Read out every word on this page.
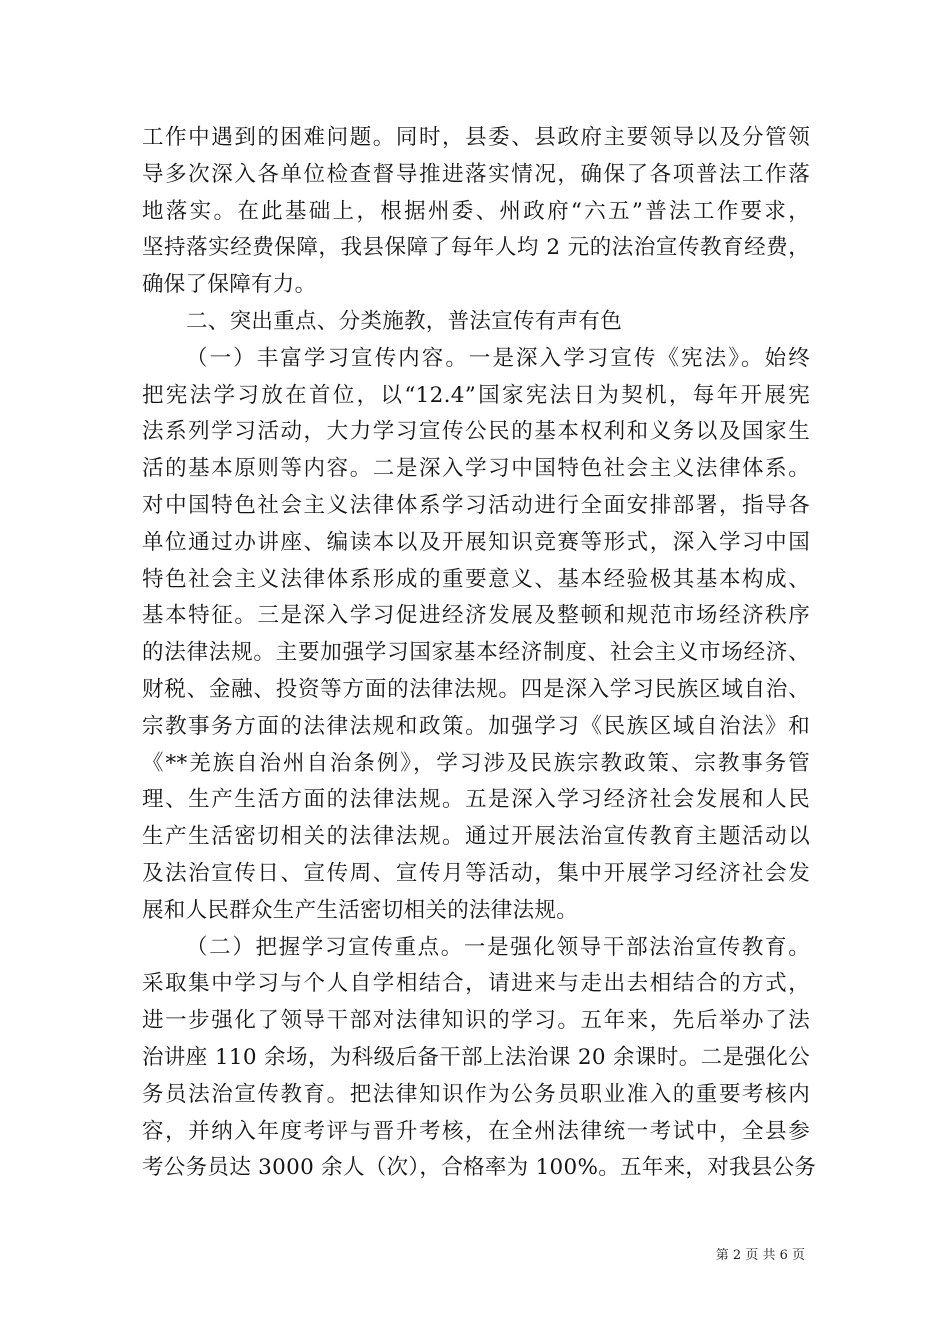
工作中遇到的困难问题。同时，县委、县政府主要领导以及分管领
导多次深入各单位检查督导推进落实情况，确保了各项普法工作落
地落实。在此基础上，根据州委、州政府“六五”普法工作要求，
坚持落实经费保障，我县保障了每年人均 2 元的法治宣传教育经费，
确保了保障有力。
二、突出重点、分类施教，普法宣传有声有色
（一）丰富学习宣传内容。一是深入学习宣传《宪法》。始终
把宪法学习放在首位，以“12.4”国家宪法日为契机，每年开展宪
法系列学习活动，大力学习宣传公民的基本权利和义务以及国家生
活的基本原则等内容。二是深入学习中国特色社会主义法律体系。
对中国特色社会主义法律体系学习活动进行全面安排部署，指导各
单位通过办讲座、编读本以及开展知识竞赛等形式，深入学习中国
特色社会主义法律体系形成的重要意义、基本经验极其基本构成、
基本特征。三是深入学习促进经济发展及整顿和规范市场经济秩序
的法律法规。主要加强学习国家基本经济制度、社会主义市场经济、
财税、金融、投资等方面的法律法规。四是深入学习民族区域自治、
宗教事务方面的法律法规和政策。加强学习《民族区域自治法》和
《**羌族自治州自治条例》，学习涉及民族宗教政策、宗教事务管
理、生产生活方面的法律法规。五是深入学习经济社会发展和人民
生产生活密切相关的法律法规。通过开展法治宣传教育主题活动以
及法治宣传日、宣传周、宣传月等活动，集中开展学习经济社会发
展和人民群众生产生活密切相关的法律法规。
（二）把握学习宣传重点。一是强化领导干部法治宣传教育。
采取集中学习与个人自学相结合，请进来与走出去相结合的方式，
进一步强化了领导干部对法律知识的学习。五年来，先后举办了法
治讲座 110 余场，为科级后备干部上法治课 20 余课时。二是强化公
务员法治宣传教育。把法律知识作为公务员职业准入的重要考核内
容，并纳入年度考评与晋升考核，在全州法律统一考试中，全县参
考公务员达 3000 余人（次），合格率为 100%。五年来，对我县公务
第 2 页 共 6 页
